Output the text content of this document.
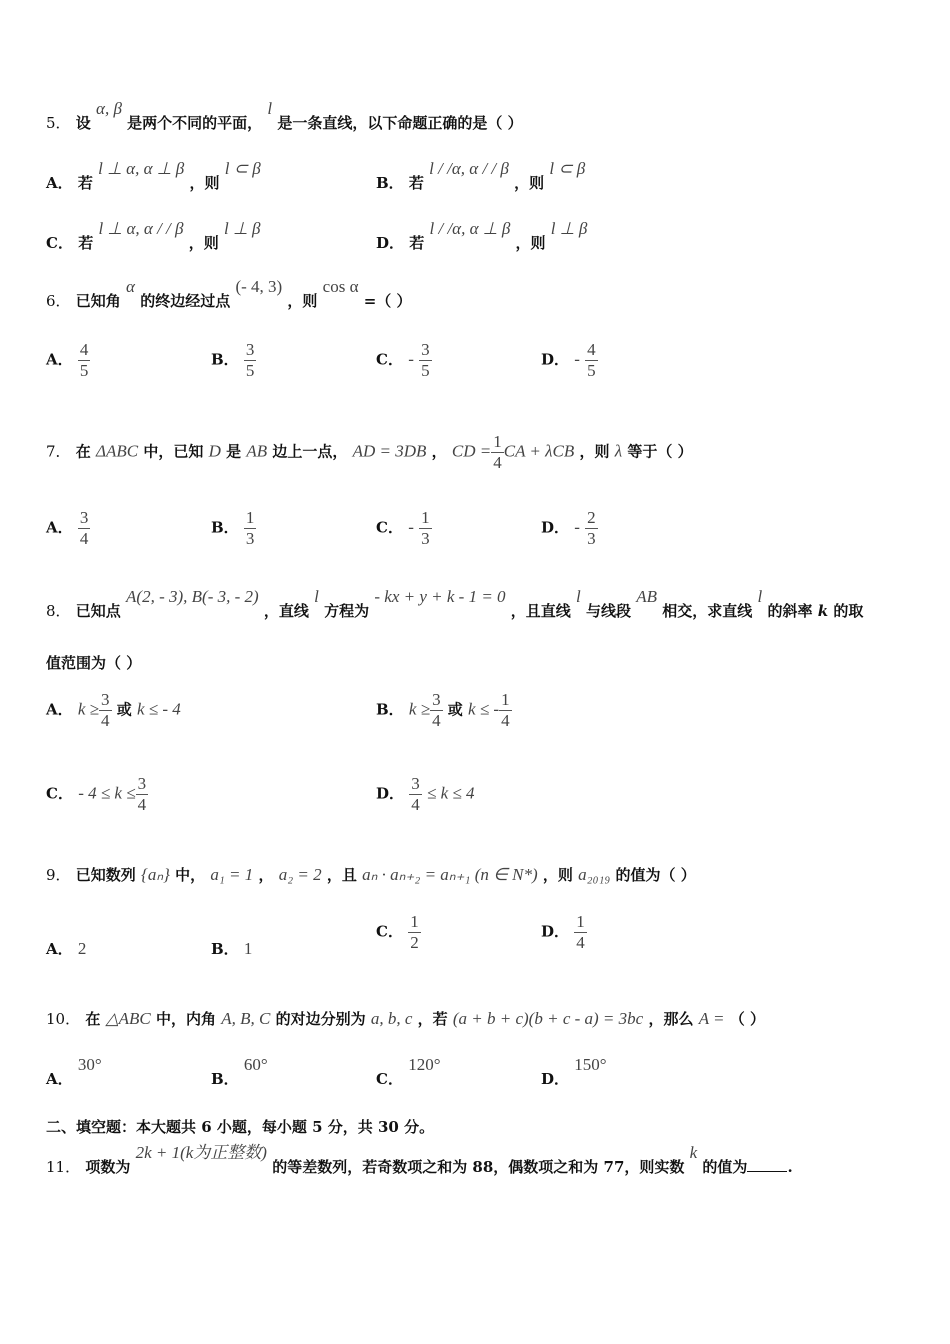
5． 设 α, β 是两个不同的平面， l 是一条直线，以下命题正确的是（ ）
A． 若 l ⊥ α, α ⊥ β ，则 l ⊂ β
B． 若 l / /α, α / / β ，则 l ⊂ β
C． 若 l ⊥ α, α / / β ，则 l ⊥ β
D． 若 l / /α, α ⊥ β ，则 l ⊥ β
6． 已知角 α 的终边经过点 (- 4, 3) ，则 cos α =（ ）
A． $\frac{4}{5}$	B． $\frac{3}{5}$	C． - $\frac{3}{5}$	D． - $\frac{4}{5}$
7． 在 ΔABC 中，已知 D 是 AB 边上一点， AD = 3DB ， CD = $\frac{1}{4}$ CA + λCB ，则 λ 等于（ ）
A． $\frac{3}{4}$	B． $\frac{1}{3}$	C． - $\frac{1}{3}$	D． - $\frac{2}{3}$
8． 已知点 A(2, - 3), B(- 3, - 2) ，直线 l 方程为 - kx + y + k - 1 = 0 ，且直线 l 与线段 AB 相交，求直线 l 的斜率 k 的取
值范围为（ ）
A． $k \ge \frac{3}{4}$ 或 k ≤ - 4	B． $k \ge \frac{3}{4}$ 或 k ≤ - $\frac{1}{4}$
C． - $4 \le k \le \frac{3}{4}$	D． $\frac{3}{4} \le k \le 4$
9． 已知数列 {aₙ} 中， a₁ = 1 ， a₂ = 2 ，且 aₙ · aₙ₊₂ = aₙ₊₁ (n ∈ N*) ，则 a₂₀₁₉ 的值为（ ）
A． 2	B． 1
C． $\frac{1}{2}$	D． $\frac{1}{4}$
10． 在 △ABC 中，内角 A, B, C 的对边分别为 a, b, c ，若 (a + b + c)(b + c - a) = 3bc ，那么 A = （ ）
A． 30°
B． 60°
C． 120°
D． 150°
二、填空题：本大题共 6 小题，每小题 5 分，共 30 分。
11． 项数为 2k + 1(k为正整数) 的等差数列，若奇数项之和为 88，偶数项之和为 77，则实数 k 的值为	.
